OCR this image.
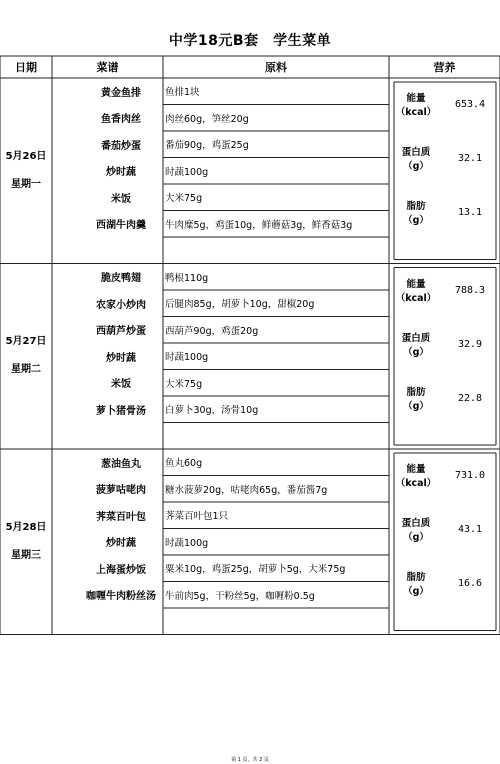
中学18元B套　学生菜单
日期	菜谱	原料	营养
5月26日
星期一
黄金鱼排	鱼排1块
鱼香肉丝	肉丝60g，笋丝20g
番茄炒蛋	番茄90g，鸡蛋25g
炒时蔬	时蔬100g
米饭	大米75g
西湖牛肉羹	牛肉糜5g，鸡蛋10g，鲜蘑菇3g，鲜香菇3g
能量
（kcal）
653.4
蛋白质
（g）
32.1
脂肪
（g）
13.1
5月27日
星期二
脆皮鸭翅	鸭根110g
农家小炒肉	后腿肉85g，胡萝卜10g，甜椒20g
西葫芦炒蛋	西葫芦90g，鸡蛋20g
炒时蔬	时蔬100g
米饭	大米75g
萝卜猪骨汤	白萝卜30g，汤骨10g
能量
（kcal）
788.3
蛋白质
（g）
32.9
脂肪
（g）
22.8
5月28日
星期三
葱油鱼丸	鱼丸60g
菠萝咕咾肉	糖水菠萝20g，咕咾肉65g，番茄酱7g
荠菜百叶包	荠菜百叶包1只
炒时蔬	时蔬100g
上海蛋炒饭	粟米10g，鸡蛋25g，胡萝卜5g，大米75g
咖喱牛肉粉丝汤 牛前肉5g，干粉丝5g，咖喱粉0.5g
能量
（kcal）
731.0
蛋白质
（g）
43.1
脂肪
（g）
16.6
第 1 页，共 2 页
